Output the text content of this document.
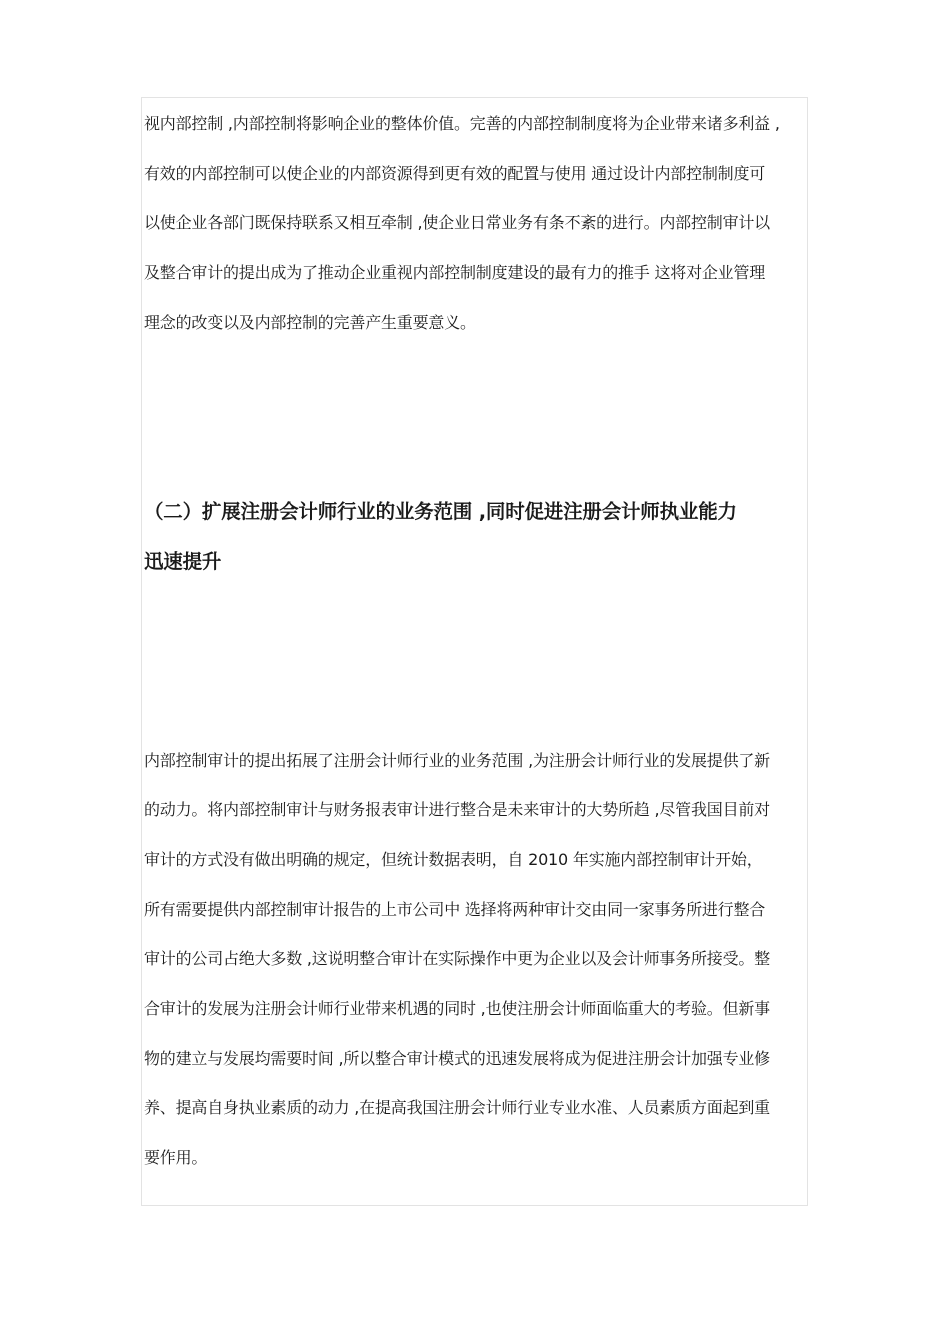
视内部控制 ,内部控制将影响企业的整体价值。完善的内部控制制度将为企业带来诸多利益 ,
有效的内部控制可以使企业的内部资源得到更有效的配置与使用 通过设计内部控制制度可
以使企业各部门既保持联系又相互牵制 ,使企业日常业务有条不紊的进行。内部控制审计以
及整合审计的提出成为了推动企业重视内部控制制度建设的最有力的推手 这将对企业管理
理念的改变以及内部控制的完善产生重要意义。
（二）扩展注册会计师行业的业务范围 ,同时促进注册会计师执业能力
迅速提升
内部控制审计的提出拓展了注册会计师行业的业务范围 ,为注册会计师行业的发展提供了新
的动力。将内部控制审计与财务报表审计进行整合是未来审计的大势所趋 ,尽管我国目前对
审计的方式没有做出明确的规定，但统计数据表明，自 2010 年实施内部控制审计开始，
所有需要提供内部控制审计报告的上市公司中 选择将两种审计交由同一家事务所进行整合
审计的公司占绝大多数 ,这说明整合审计在实际操作中更为企业以及会计师事务所接受。整
合审计的发展为注册会计师行业带来机遇的同时 ,也使注册会计师面临重大的考验。但新事
物的建立与发展均需要时间 ,所以整合审计模式的迅速发展将成为促进注册会计加强专业修
养、提高自身执业素质的动力 ,在提高我国注册会计师行业专业水准、人员素质方面起到重
要作用。
